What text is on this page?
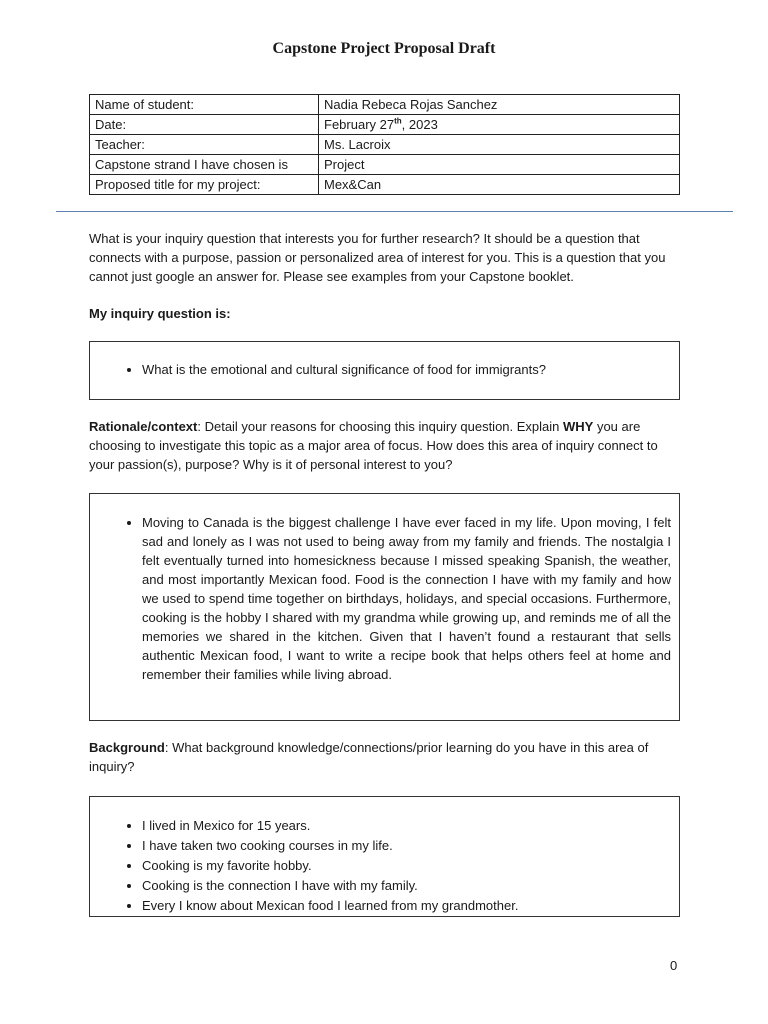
Capstone Project Proposal Draft
Name of student:	Nadia Rebeca Rojas Sanchez
Date:	February 27th, 2023
Teacher:	Ms. Lacroix
Capstone strand I have chosen is	Project
Proposed title for my project:	Mex&Can
What is your inquiry question that interests you for further research? It should be a question that connects with a purpose, passion or personalized area of interest for you. This is a question that you cannot just google an answer for. Please see examples from your Capstone booklet.
My inquiry question is:
• What is the emotional and cultural significance of food for immigrants?
Rationale/context: Detail your reasons for choosing this inquiry question. Explain WHY you are choosing to investigate this topic as a major area of focus. How does this area of inquiry connect to your passion(s), purpose? Why is it of personal interest to you?
• Moving to Canada is the biggest challenge I have ever faced in my life. Upon moving, I felt sad and lonely as I was not used to being away from my family and friends. The nostalgia I felt eventually turned into homesickness because I missed speaking Spanish, the weather, and most importantly Mexican food. Food is the connection I have with my family and how we used to spend time together on birthdays, holidays, and special occasions. Furthermore, cooking is the hobby I shared with my grandma while growing up, and reminds me of all the memories we shared in the kitchen. Given that I haven’t found a restaurant that sells authentic Mexican food, I want to write a recipe book that helps others feel at home and remember their families while living abroad.
Background: What background knowledge/connections/prior learning do you have in this area of inquiry?
• I lived in Mexico for 15 years.
• I have taken two cooking courses in my life.
• Cooking is my favorite hobby.
• Cooking is the connection I have with my family.
• Every I know about Mexican food I learned from my grandmother.
0
